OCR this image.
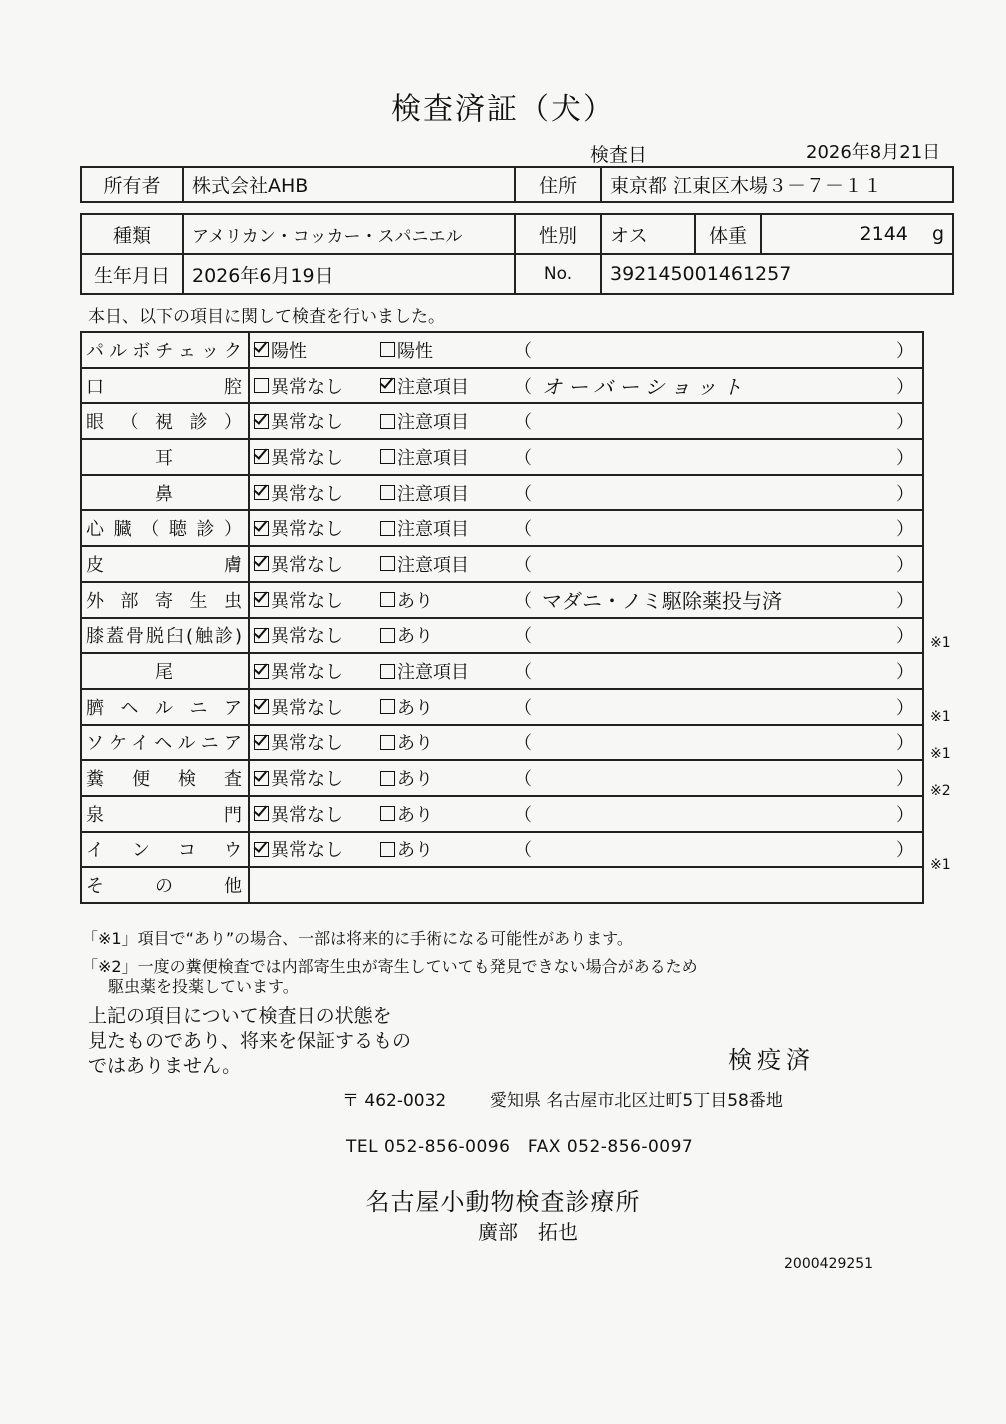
検査済証（犬）
検査日	2026年8月21日
所有者	株式会社AHB	住所	東京都 江東区木場３－７－１１
種類	アメリカン・コッカー・スパニエル	性別	オス	体重	2144 g
生年月日	2026年6月19日	No.	392145001461257		
本日、以下の項目に関して検査を行いました。
パルボチェック	陽性 陽性 （ ）

口　腔	異常なし 注意項目 （ オーバーショット ）

眼（視診）	異常なし 注意項目 （ ）

耳	異常なし 注意項目 （ ）

鼻	異常なし 注意項目 （ ）

心臓（聴診）	異常なし 注意項目 （ ）

皮　膚	異常なし 注意項目 （ ）

外部寄生虫	異常なし あり （ マダニ・ノミ駆除薬投与済 ）

膝蓋骨脱臼(触診)	異常なし あり （ ）

尾	異常なし 注意項目 （ ）

臍ヘルニア	異常なし あり （ ）

ソケイヘルニア	異常なし あり （ ）

糞便検査	異常なし あり （ ）

泉　門	異常なし あり （ ）

インコウ	異常なし あり （ ）

その他	
※1
※1
※1
※2
※1
「※1」項目で“あり”の場合、一部は将来的に手術になる可能性があります。
「※2」一度の糞便検査では内部寄生虫が寄生していても発見できない場合があるため
駆虫薬を投薬しています。
上記の項目について検査日の状態を
見たものであり、将来を保証するもの
ではありません。	検疫済
〒 462-0032	愛知県 名古屋市北区辻町5丁目58番地
TEL 052-856-0096　FAX 052-856-0097
名古屋小動物検査診療所
廣部　拓也
2000429251
